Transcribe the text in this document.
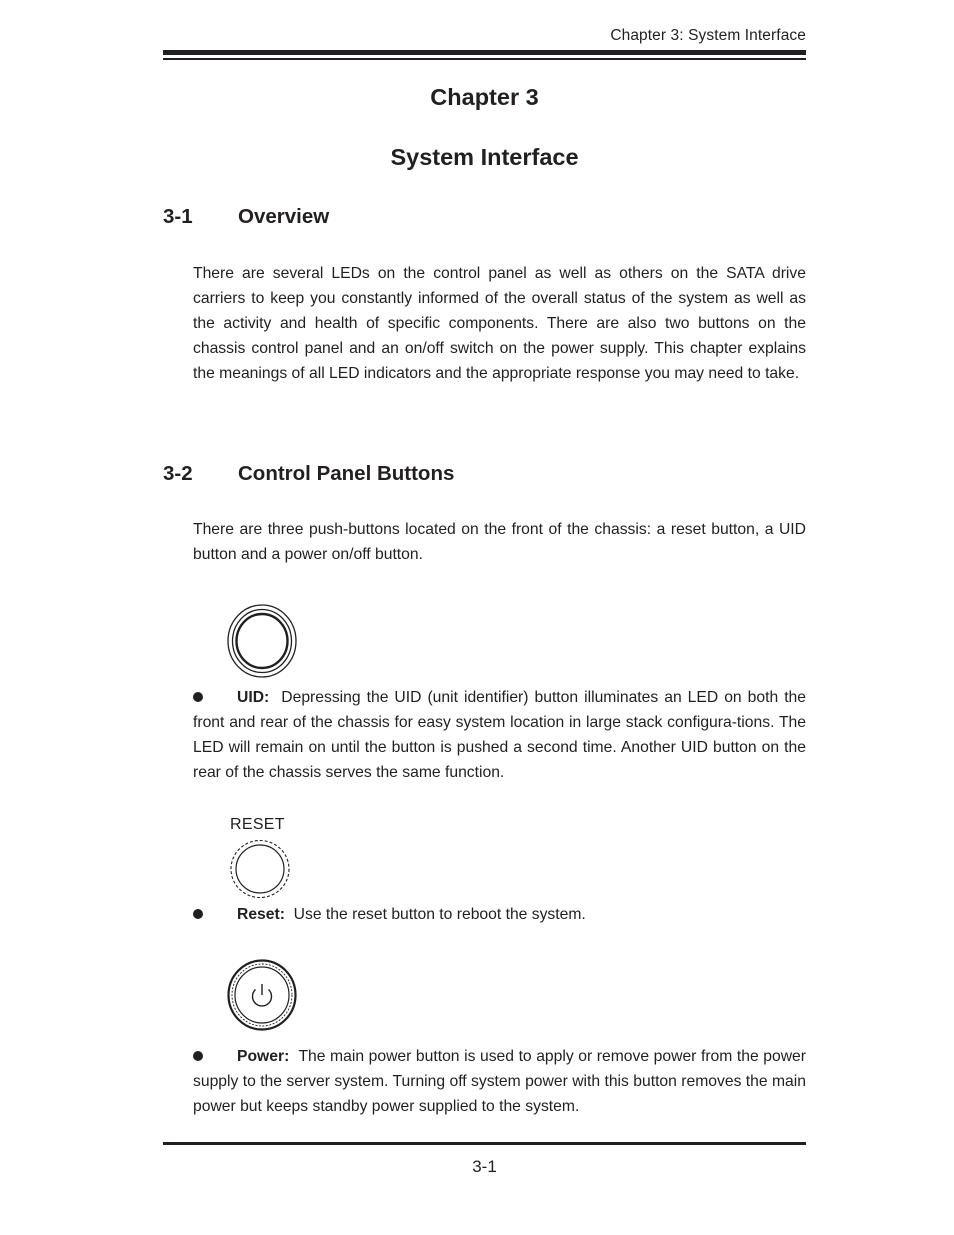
Chapter 3: System Interface
Chapter 3
System Interface
3-1 Overview
There are several LEDs on the control panel as well as others on the SATA drive carriers to keep you constantly informed of the overall status of the system as well as the activity and health of specific components. There are also two buttons on the chassis control panel and an on/off switch on the power supply. This chapter explains the meanings of all LED indicators and the appropriate response you may need to take.
3-2 Control Panel Buttons
There are three push-buttons located on the front of the chassis: a reset button, a UID button and a power on/off button.
UID: Depressing the UID (unit identifier) button illuminates an LED on both the front and rear of the chassis for easy system location in large stack configura-tions. The LED will remain on until the button is pushed a second time. Another UID button on the rear of the chassis serves the same function.
RESET
Reset: Use the reset button to reboot the system.
Power: The main power button is used to apply or remove power from the power supply to the server system. Turning off system power with this button removes the main power but keeps standby power supplied to the system.
3-1
